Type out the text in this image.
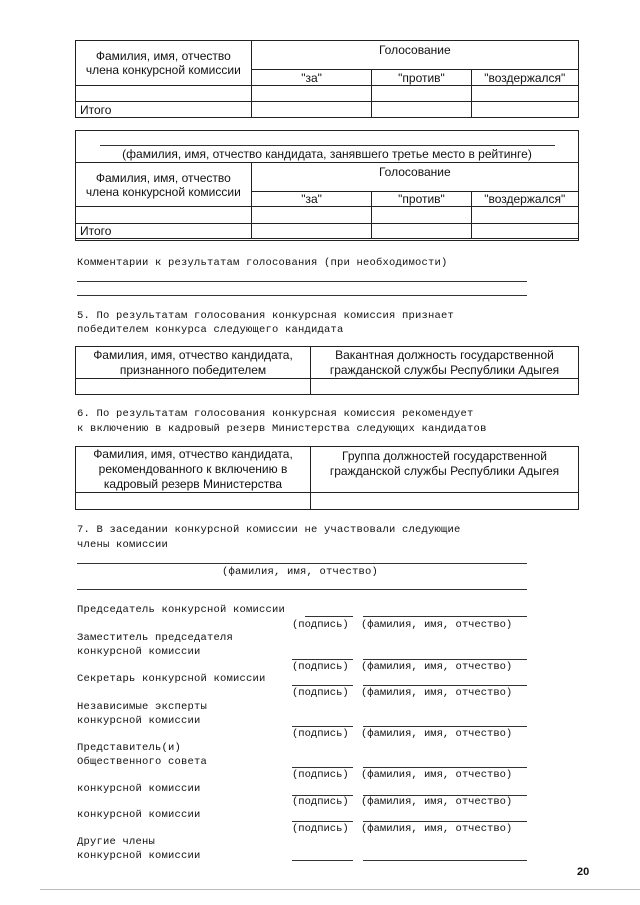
Фамилия, имя, отчество члена конкурсной комиссии	Голосование		
	"за"	"против"	"воздержался"

Итого			
(фамилия, имя, отчество кандидата, занявшего третье место в рейтинге)
Фамилия, имя, отчество члена конкурсной комиссии	Голосование		
	"за"	"против"	"воздержался"

Итого			
Комментарии к результатам голосования (при необходимости)
5. По результатам голосования конкурсная комиссия признает
победителем конкурса следующего кандидата
Фамилия, имя, отчество кандидата, признанного победителем	Вакантная должность государственной гражданской службы Республики Адыгея

6. По результатам голосования конкурсная комиссия рекомендует
к включению в кадровый резерв Министерства следующих кандидатов
Фамилия, имя, отчество кандидата, рекомендованного к включению в кадровый резерв Министерства	Группа должностей государственной гражданской службы Республики Адыгея

7. В заседании конкурсной комиссии не участвовали следующие
члены комиссии
(фамилия, имя, отчество)
Председатель конкурсной комиссии
(подпись) (фамилия, имя, отчество)
Заместитель председателя
конкурсной комиссии
(подпись) (фамилия, имя, отчество)
Секретарь конкурсной комиссии
(подпись) (фамилия, имя, отчество)
Независимые эксперты
конкурсной комиссии
(подпись) (фамилия, имя, отчество)
Представитель(и)
Общественного совета
(подпись) (фамилия, имя, отчество)
конкурсной комиссии
(подпись) (фамилия, имя, отчество)
конкурсной комиссии
(подпись) (фамилия, имя, отчество)
Другие члены
конкурсной комиссии
20
